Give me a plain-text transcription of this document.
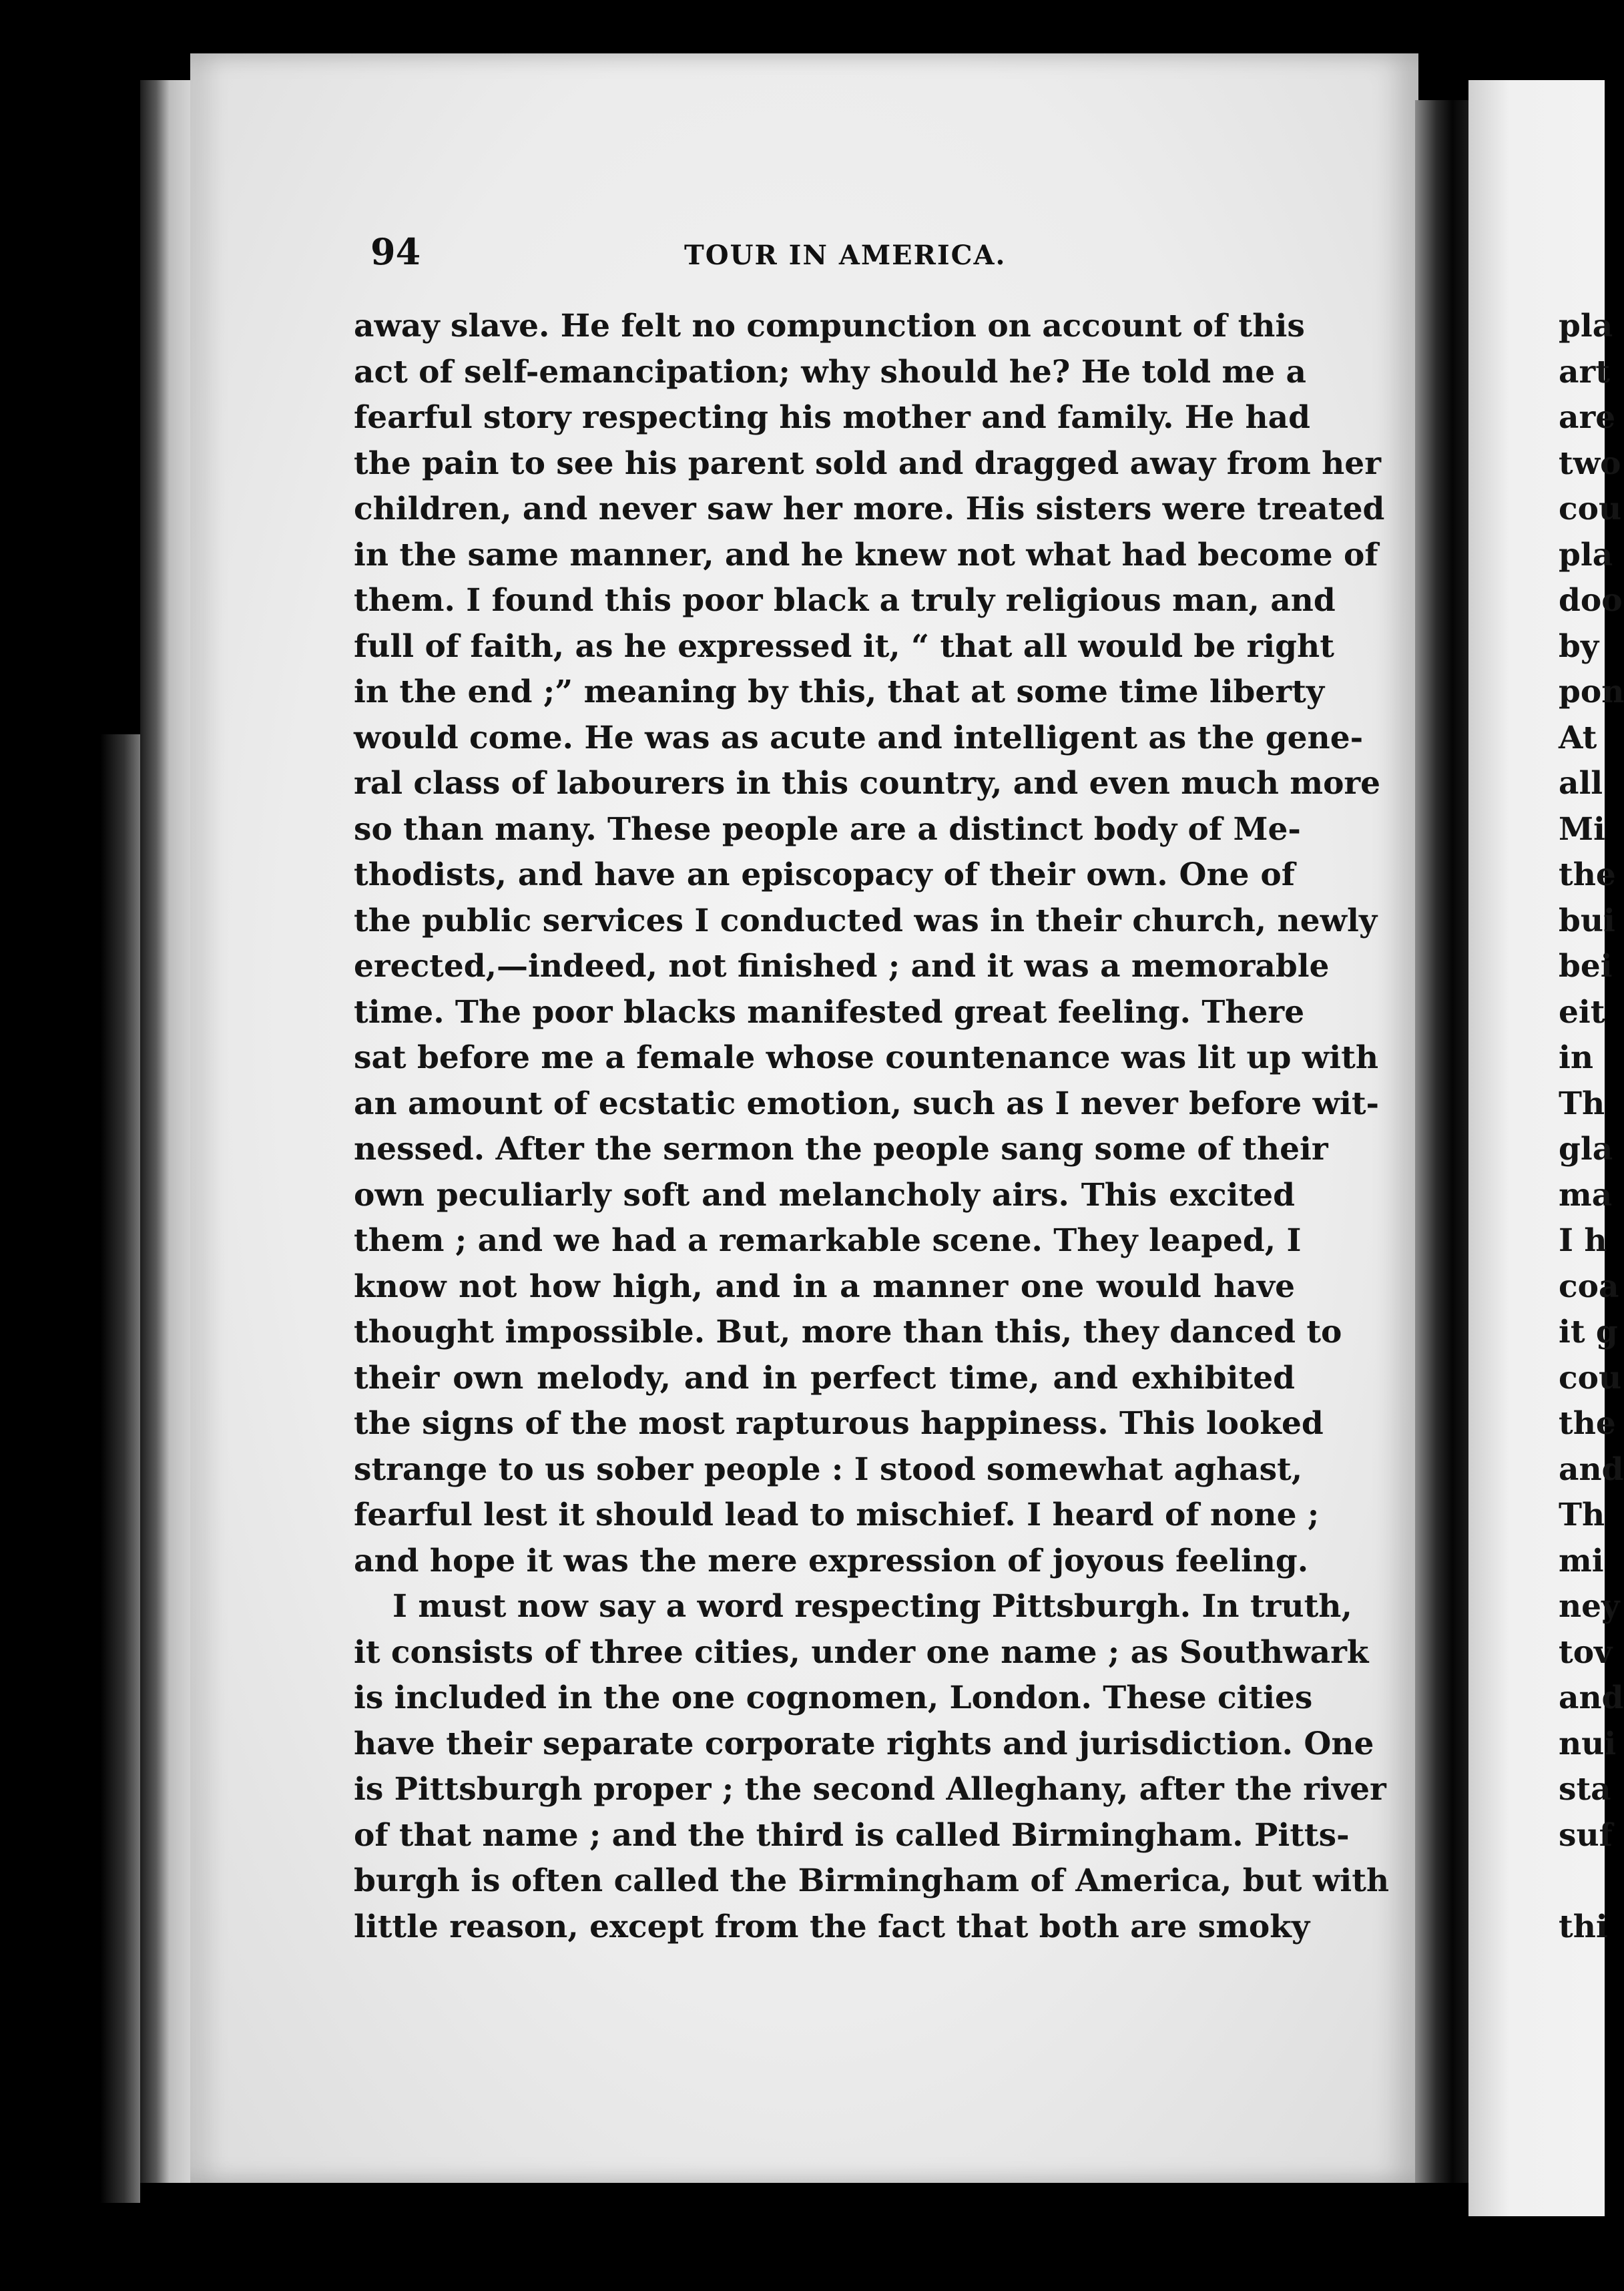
94	TOUR IN AMERICA.
away slave. He felt no compunction on account of this
act of self-emancipation; why should he? He told me a
fearful story respecting his mother and family. He had
the pain to see his parent sold and dragged away from her
children, and never saw her more. His sisters were treated
in the same manner, and he knew not what had become of
them. I found this poor black a truly religious man, and
full of faith, as he expressed it, “ that all would be right
in the end ;” meaning by this, that at some time liberty
would come. He was as acute and intelligent as the gene-
ral class of labourers in this country, and even much more
so than many. These people are a distinct body of Me-
thodists, and have an episcopacy of their own. One of
the public services I conducted was in their church, newly
erected,—indeed, not finished ; and it was a memorable
time. The poor blacks manifested great feeling. There
sat before me a female whose countenance was lit up with
an amount of ecstatic emotion, such as I never before wit-
nessed. After the sermon the people sang some of their
own peculiarly soft and melancholy airs. This excited
them ; and we had a remarkable scene. They leaped, I
know not how high, and in a manner one would have
thought impossible. But, more than this, they danced to
their own melody, and in perfect time, and exhibited
the signs of the most rapturous happiness. This looked
strange to us sober people : I stood somewhat aghast,
fearful lest it should lead to mischief. I heard of none ;
and hope it was the mere expression of joyous feeling.
I must now say a word respecting Pittsburgh. In truth,
it consists of three cities, under one name ; as Southwark
is included in the one cognomen, London. These cities
have their separate corporate rights and jurisdiction. One
is Pittsburgh proper ; the second Alleghany, after the river
of that name ; and the third is called Birmingham. Pitts-
burgh is often called the Birmingham of America, but with
little reason, except from the fact that both are smoky
pla
art
are
two
cou
pla
doo
by
pon
At
all
Mi
the
bui
bei
eit
in
Th
gla
ma
I h
coa
it g
cou
the
and
Th
mi
ney
tov
and
nui
sta
suf
thi
